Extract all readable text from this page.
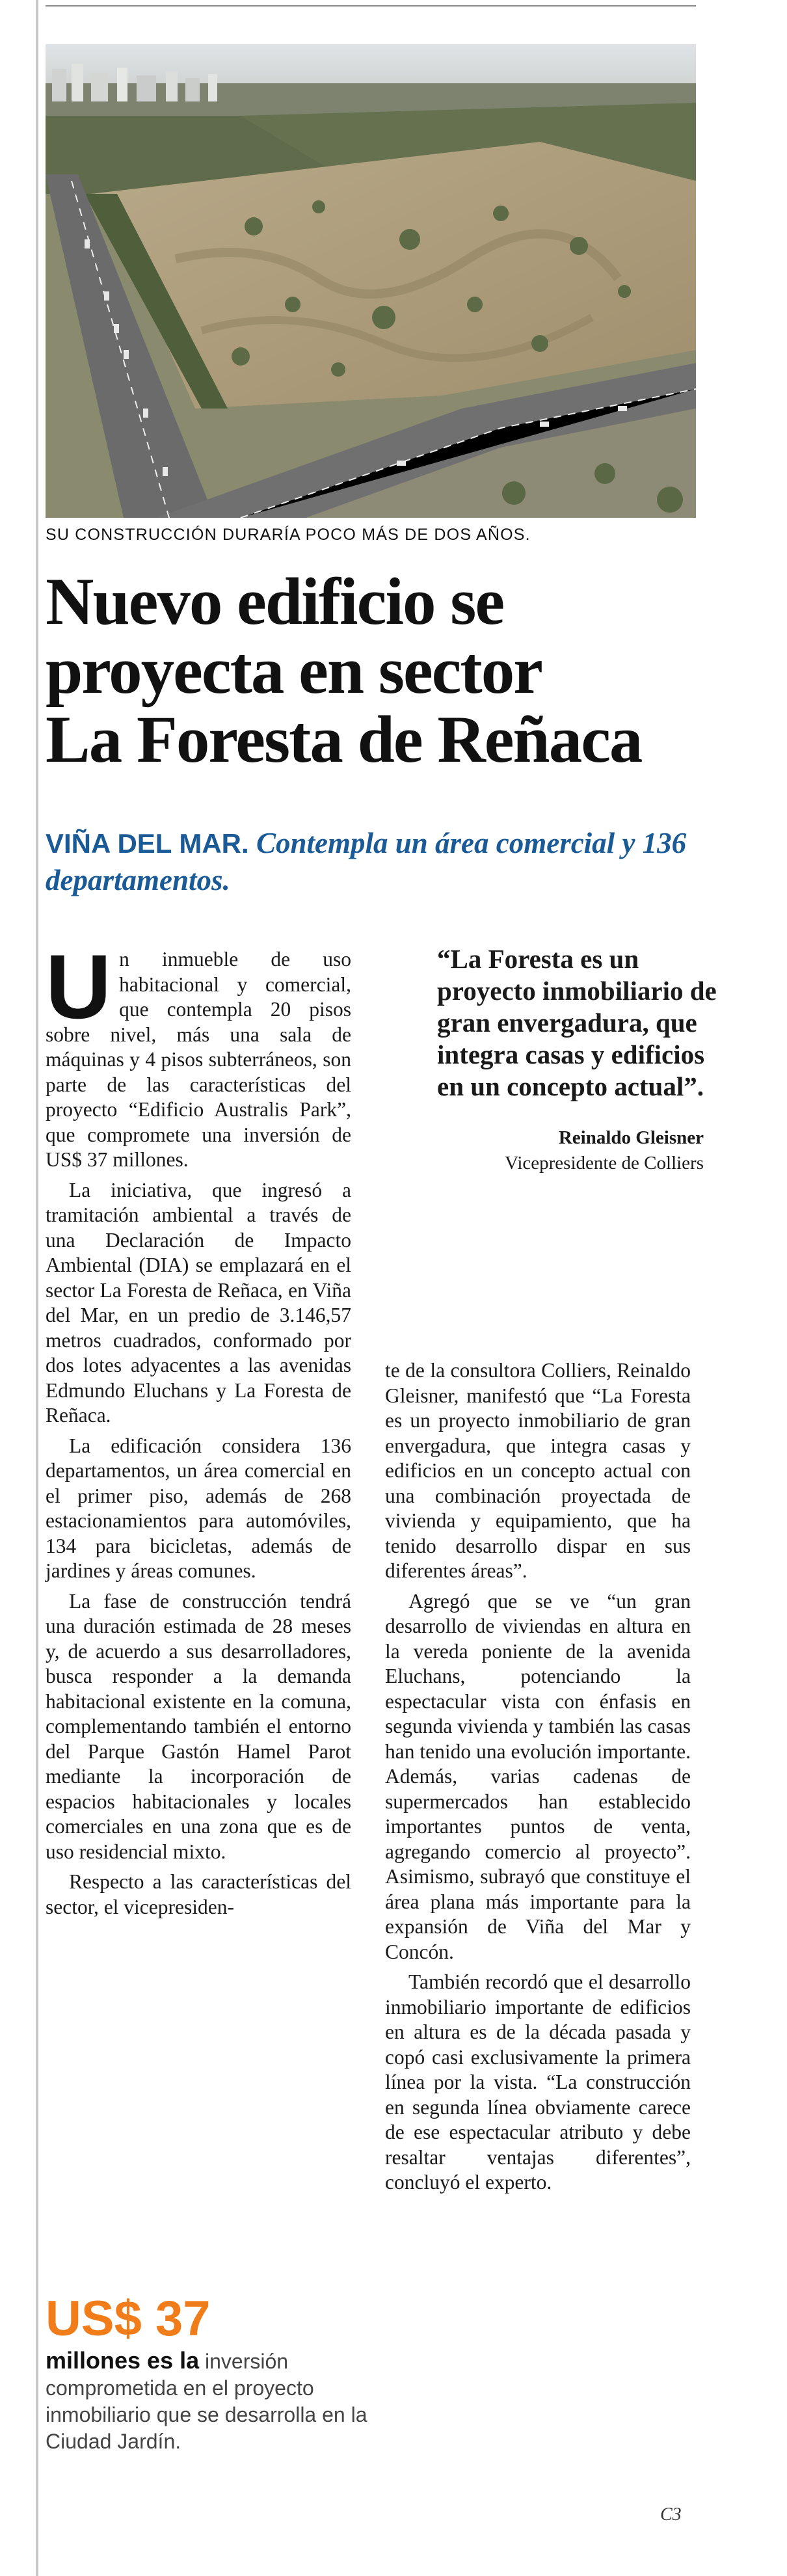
SU CONSTRUCCIÓN DURARÍA POCO MÁS DE DOS AÑOS.
Nuevo edificio se
proyecta en sector
La Foresta de Reñaca
VIÑA DEL MAR. Contempla un área comercial y 136 departamentos.

Un inmueble de uso habitacional y comercial, que contempla 20 pisos sobre nivel, más una sala de máquinas y 4 pisos subterráneos, son parte de las características del proyecto “Edificio Australis Park”, que compromete una inversión de US$ 37 millones.

La iniciativa, que ingresó a tramitación ambiental a través de una Declaración de Impacto Ambiental (DIA) se emplazará en el sector La Foresta de Reñaca, en Viña del Mar, en un predio de 3.146,57 metros cuadrados, conformado por dos lotes adyacentes a las avenidas Edmundo Eluchans y La Foresta de Reñaca.

La edificación considera 136 departamentos, un área comercial en el primer piso, además de 268 estacionamientos para automóviles, 134 para bicicletas, además de jardines y áreas comunes.

La fase de construcción tendrá una duración estimada de 28 meses y, de acuerdo a sus desarrolladores, busca responder a la demanda habitacional existente en la comuna, complementando también el entorno del Parque Gastón Hamel Parot mediante la incorporación de espacios habitacionales y locales comerciales en una zona que es de uso residencial mixto.

Respecto a las características del sector, el vicepresiden-

“La Foresta es un proyecto inmobiliario de gran envergadura, que integra casas y edificios en un concepto actual”.
Reinaldo Gleisner
Vicepresidente de Colliers

te de la consultora Colliers, Reinaldo Gleisner, manifestó que “La Foresta es un proyecto inmobiliario de gran envergadura, que integra casas y edificios en un concepto actual con una combinación proyectada de vivienda y equipamiento, que ha tenido desarrollo dispar en sus diferentes áreas”.

Agregó que se ve “un gran desarrollo de viviendas en altura en la vereda poniente de la avenida Eluchans, potenciando la espectacular vista con énfasis en segunda vivienda y también las casas han tenido una evolución importante. Además, varias cadenas de supermercados han establecido importantes puntos de venta, agregando comercio al proyecto”. Asimismo, subrayó que constituye el área plana más importante para la expansión de Viña del Mar y Concón.

También recordó que el desarrollo inmobiliario importante de edificios en altura es de la década pasada y copó casi exclusivamente la primera línea por la vista. “La construcción en segunda línea obviamente carece de ese espectacular atributo y debe resaltar ventajas diferentes”, concluyó el experto.

US$ 37
millones es la inversión comprometida en el proyecto inmobiliario que se desarrolla en la Ciudad Jardín.
C3
